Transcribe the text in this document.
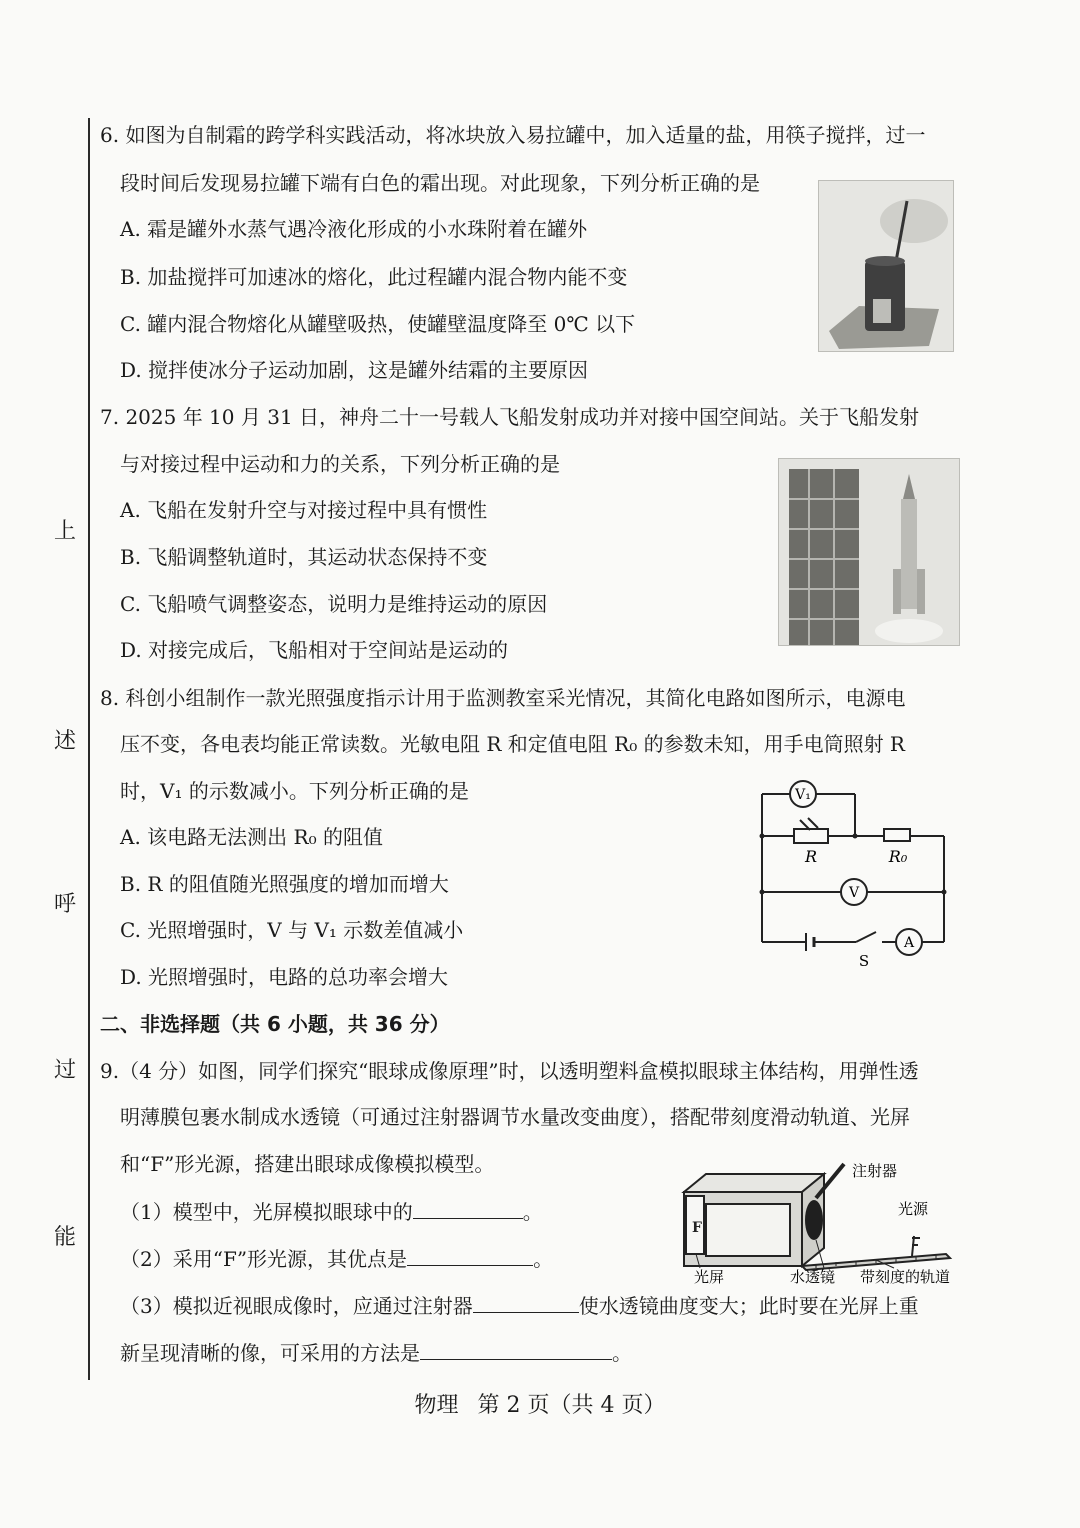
上
述
呼
过
能
6. 如图为自制霜的跨学科实践活动，将冰块放入易拉罐中，加入适量的盐，用筷子搅拌，过一
段时间后发现易拉罐下端有白色的霜出现。对此现象，下列分析正确的是
A. 霜是罐外水蒸气遇冷液化形成的小水珠附着在罐外
B. 加盐搅拌可加速冰的熔化，此过程罐内混合物内能不变
C. 罐内混合物熔化从罐壁吸热，使罐壁温度降至 0℃ 以下
D. 搅拌使冰分子运动加剧，这是罐外结霜的主要原因
7. 2025 年 10 月 31 日，神舟二十一号载人飞船发射成功并对接中国空间站。关于飞船发射
与对接过程中运动和力的关系，下列分析正确的是
A. 飞船在发射升空与对接过程中具有惯性
B. 飞船调整轨道时，其运动状态保持不变
C. 飞船喷气调整姿态，说明力是维持运动的原因
D. 对接完成后，飞船相对于空间站是运动的
8. 科创小组制作一款光照强度指示计用于监测教室采光情况，其简化电路如图所示，电源电
压不变，各电表均能正常读数。光敏电阻 R 和定值电阻 R₀ 的参数未知，用手电筒照射 R
时，V₁ 的示数减小。下列分析正确的是
A. 该电路无法测出 R₀ 的阻值
B. R 的阻值随光照强度的增加而增大
C. 光照增强时，V 与 V₁ 示数差值减小
D. 光照增强时，电路的总功率会增大
V₁
R	R₀
V
S
A
二、非选择题（共 6 小题，共 36 分）
9.（4 分）如图，同学们探究“眼球成像原理”时，以透明塑料盒模拟眼球主体结构，用弹性透
明薄膜包裹水制成水透镜（可通过注射器调节水量改变曲度），搭配带刻度滑动轨道、光屏
和“F”形光源，搭建出眼球成像模拟模型。
（1）模型中，光屏模拟眼球中的	。
（2）采用“F”形光源，其优点是	。
（3）模拟近视眼成像时，应通过注射器	使水透镜曲度变大；此时要在光屏上重
新呈现清晰的像，可采用的方法是	。
F
注射器
光源
光屏	水透镜 带刻度的轨道
物理 第 2 页（共 4 页）
